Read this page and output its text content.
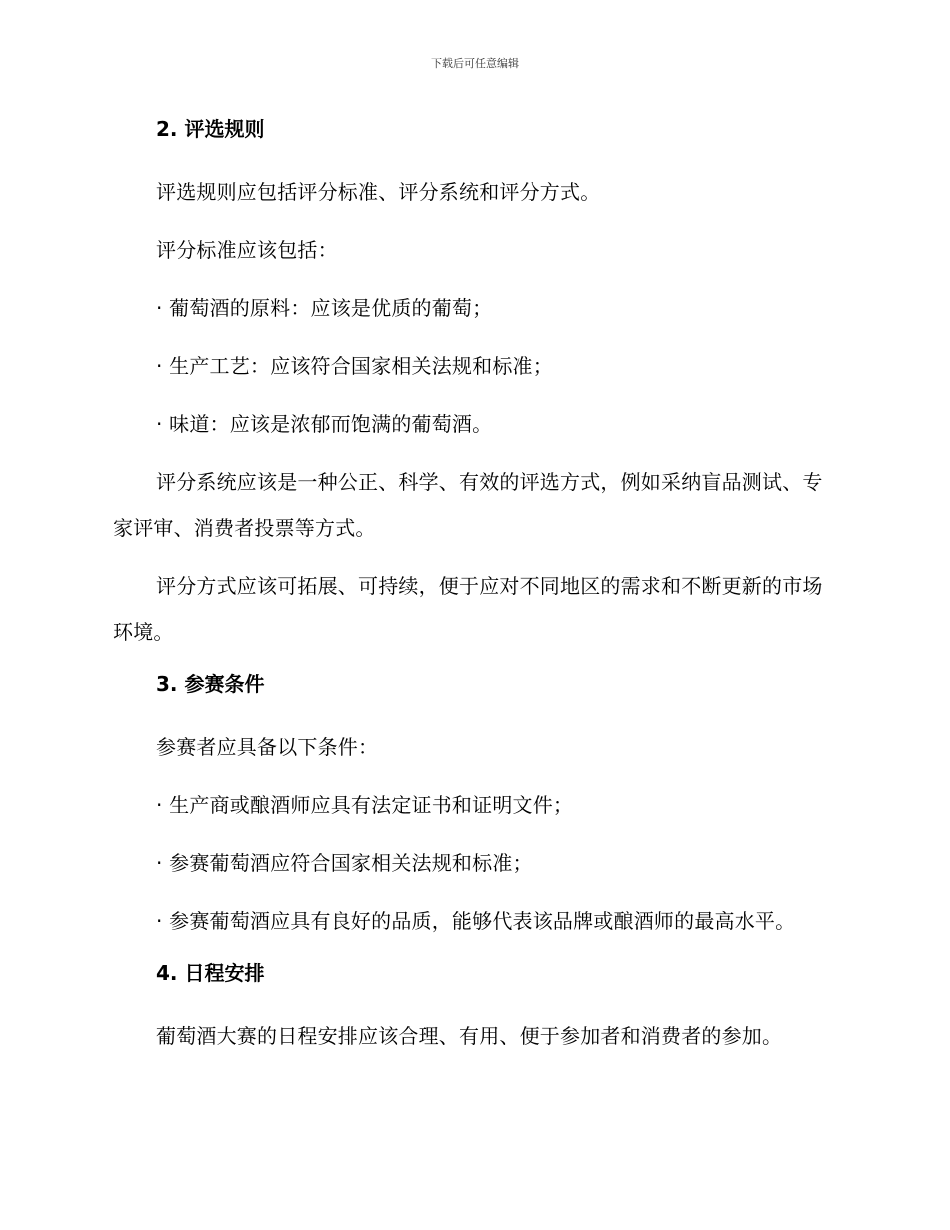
下载后可任意编辑
2. 评选规则
评选规则应包括评分标准、评分系统和评分方式。
评分标准应该包括：
· 葡萄酒的原料：应该是优质的葡萄；
· 生产工艺：应该符合国家相关法规和标准；
· 味道：应该是浓郁而饱满的葡萄酒。
评分系统应该是一种公正、科学、有效的评选方式，例如采纳盲品测试、专家评审、消费者投票等方式。
评分方式应该可拓展、可持续，便于应对不同地区的需求和不断更新的市场环境。
3. 参赛条件
参赛者应具备以下条件：
· 生产商或酿酒师应具有法定证书和证明文件；
· 参赛葡萄酒应符合国家相关法规和标准；
· 参赛葡萄酒应具有良好的品质，能够代表该品牌或酿酒师的最高水平。
4. 日程安排
葡萄酒大赛的日程安排应该合理、有用、便于参加者和消费者的参加。
